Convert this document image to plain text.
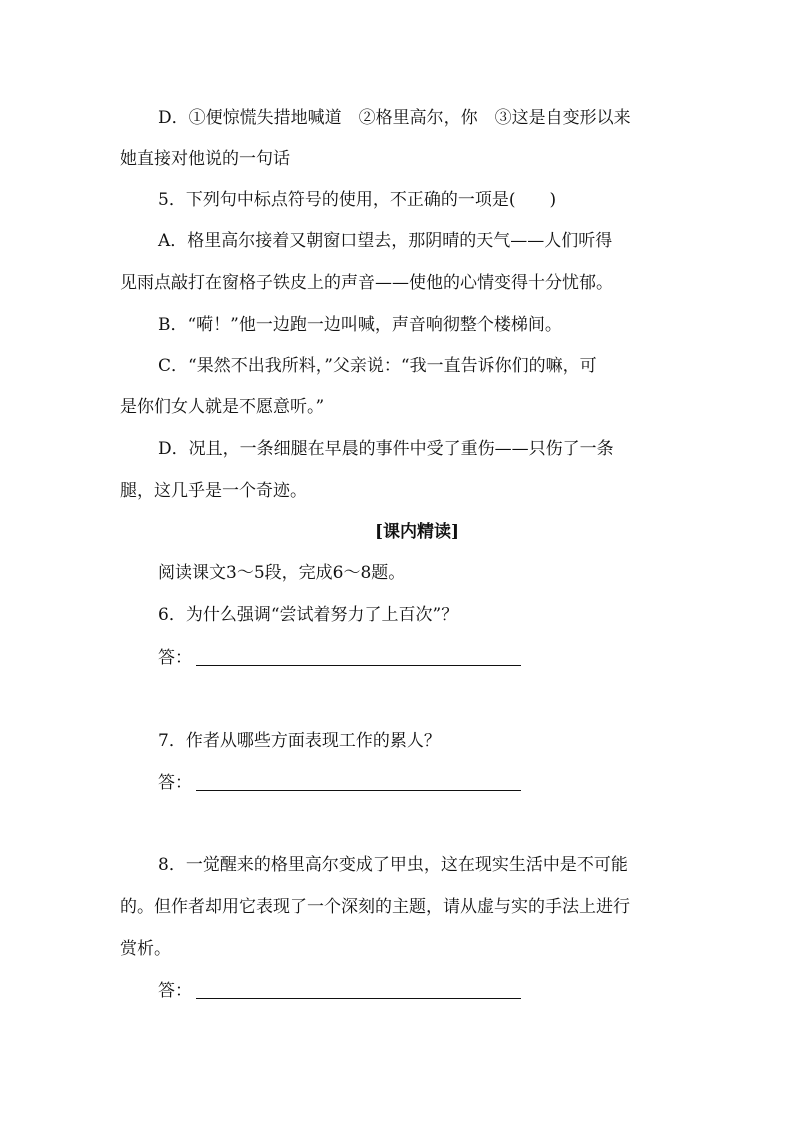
D．①便惊慌失措地喊道　②格里高尔，你　③这是自变形以来
她直接对他说的一句话
5．下列句中标点符号的使用，不正确的一项是(　　)
A．格里高尔接着又朝窗口望去，那阴晴的天气——人们听得
见雨点敲打在窗格子铁皮上的声音——使他的心情变得十分忧郁。
B．“嗬！”他一边跑一边叫喊，声音响彻整个楼梯间。
C．“果然不出我所料，”父亲说：“我一直告诉你们的嘛，可
是你们女人就是不愿意听。”
D．况且，一条细腿在早晨的事件中受了重伤——只伤了一条
腿，这几乎是一个奇迹。
[课内精读]
阅读课文3～5段，完成6～8题。
6．为什么强调“尝试着努力了上百次”？
答：
7．作者从哪些方面表现工作的累人？
答：
8．一觉醒来的格里高尔变成了甲虫，这在现实生活中是不可能
的。但作者却用它表现了一个深刻的主题，请从虚与实的手法上进行
赏析。
答：
